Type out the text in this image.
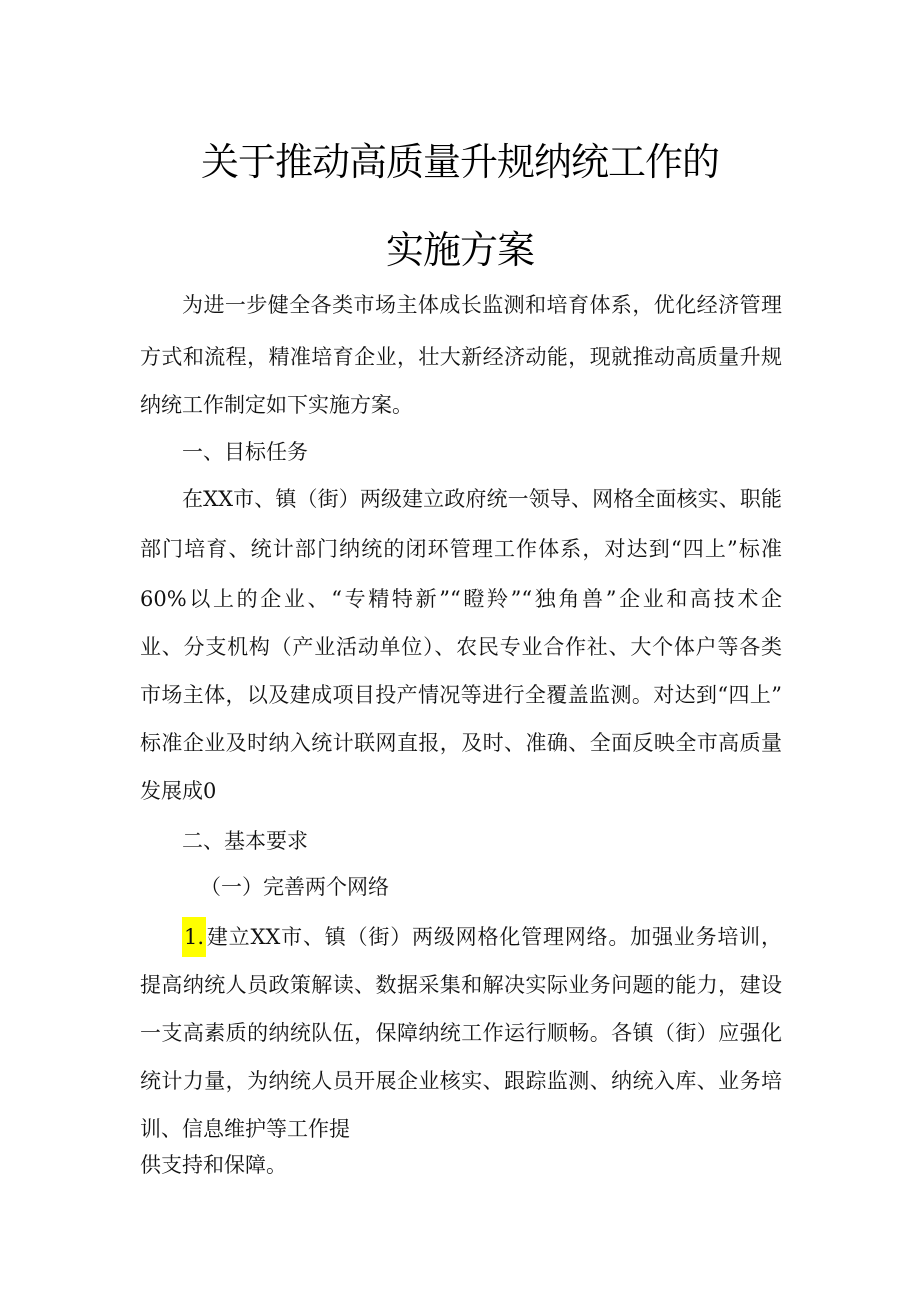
关于推动高质量升规纳统工作的
实施方案
为进一步健全各类市场主体成长监测和培育体系，优化经济管理
方式和流程，精准培育企业，壮大新经济动能，现就推动高质量升规
纳统工作制定如下实施方案。
一、目标任务
在XX市、镇（街）两级建立政府统一领导、网格全面核实、职能
部门培育、统计部门纳统的闭环管理工作体系，对达到“四上”标准
60%以上的企业、“专精特新”“瞪羚”“独角兽”企业和高技术企
业、分支机构（产业活动单位）、农民专业合作社、大个体户等各类
市场主体，以及建成项目投产情况等进行全覆盖监测。对达到“四上”
标准企业及时纳入统计联网直报，及时、准确、全面反映全市高质量
发展成0
二、基本要求
（一）完善两个网络
1.建立XX市、镇（街）两级网格化管理网络。加强业务培训，
提高纳统人员政策解读、数据采集和解决实际业务问题的能力，建设
一支高素质的纳统队伍，保障纳统工作运行顺畅。各镇（街）应强化
统计力量，为纳统人员开展企业核实、跟踪监测、纳统入库、业务培
训、信息维护等工作提
供支持和保障。
